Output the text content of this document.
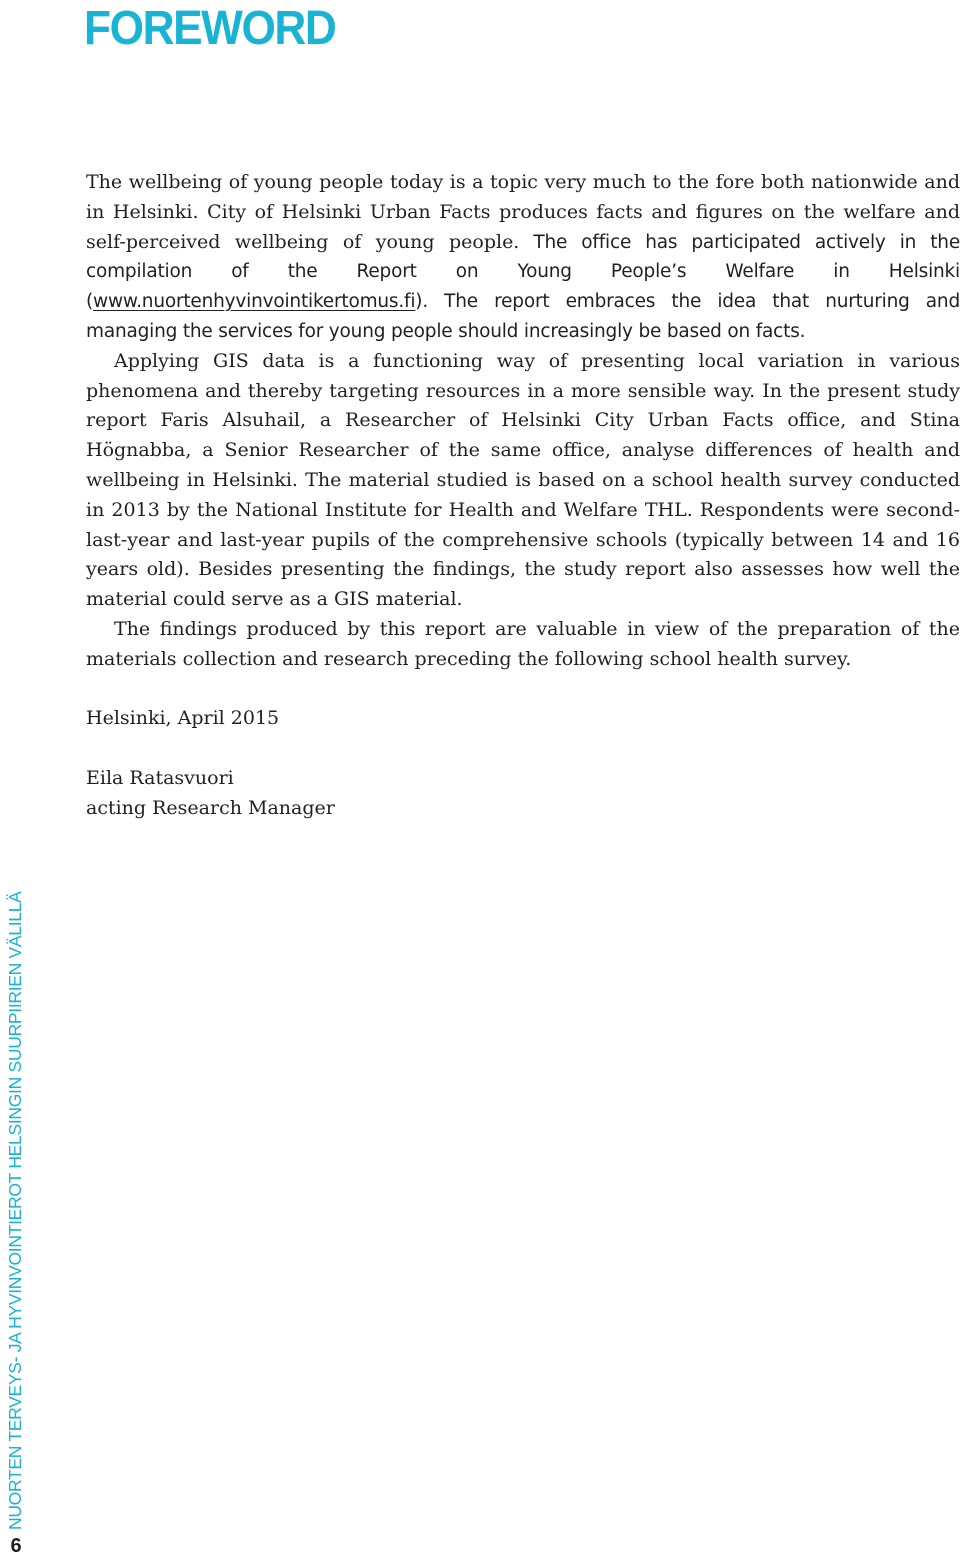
FOREWORD

The wellbeing of young people today is a topic very much to the fore both nationwide and in Helsinki. City of Helsinki Urban Facts produces facts and figures on the welfare and self-perceived wellbeing of young people. The office has participated actively in the compilation of the Report on Young People’s Welfare in Helsinki (www.nuortenhyvinvointikertomus.fi). The report embraces the idea that nurturing and managing the services for young people should increasingly be based on facts.

Applying GIS data is a functioning way of presenting local variation in various phenomena and thereby targeting resources in a more sensible way. In the present study report Faris Alsuhail, a Researcher of Helsinki City Urban Facts office, and Stina Högnabba, a Senior Researcher of the same office, analyse differences of health and wellbeing in Helsinki. The material studied is based on a school health survey conducted in 2013 by the National Institute for Health and Welfare THL. Respondents were second-last-year and last-year pupils of the comprehensive schools (typically between 14 and 16 years old). Besides presenting the findings, the study report also assesses how well the material could serve as a GIS material.

The findings produced by this report are valuable in view of the preparation of the materials collection and research preceding the following school health survey.

Helsinki, April 2015
Eila Ratasvuori
acting Research Manager
NUORTEN TERVEYS- JA HYVINVOINTIEROT HELSINGIN SUURPIIRIEN VÄLILLÄ
6
